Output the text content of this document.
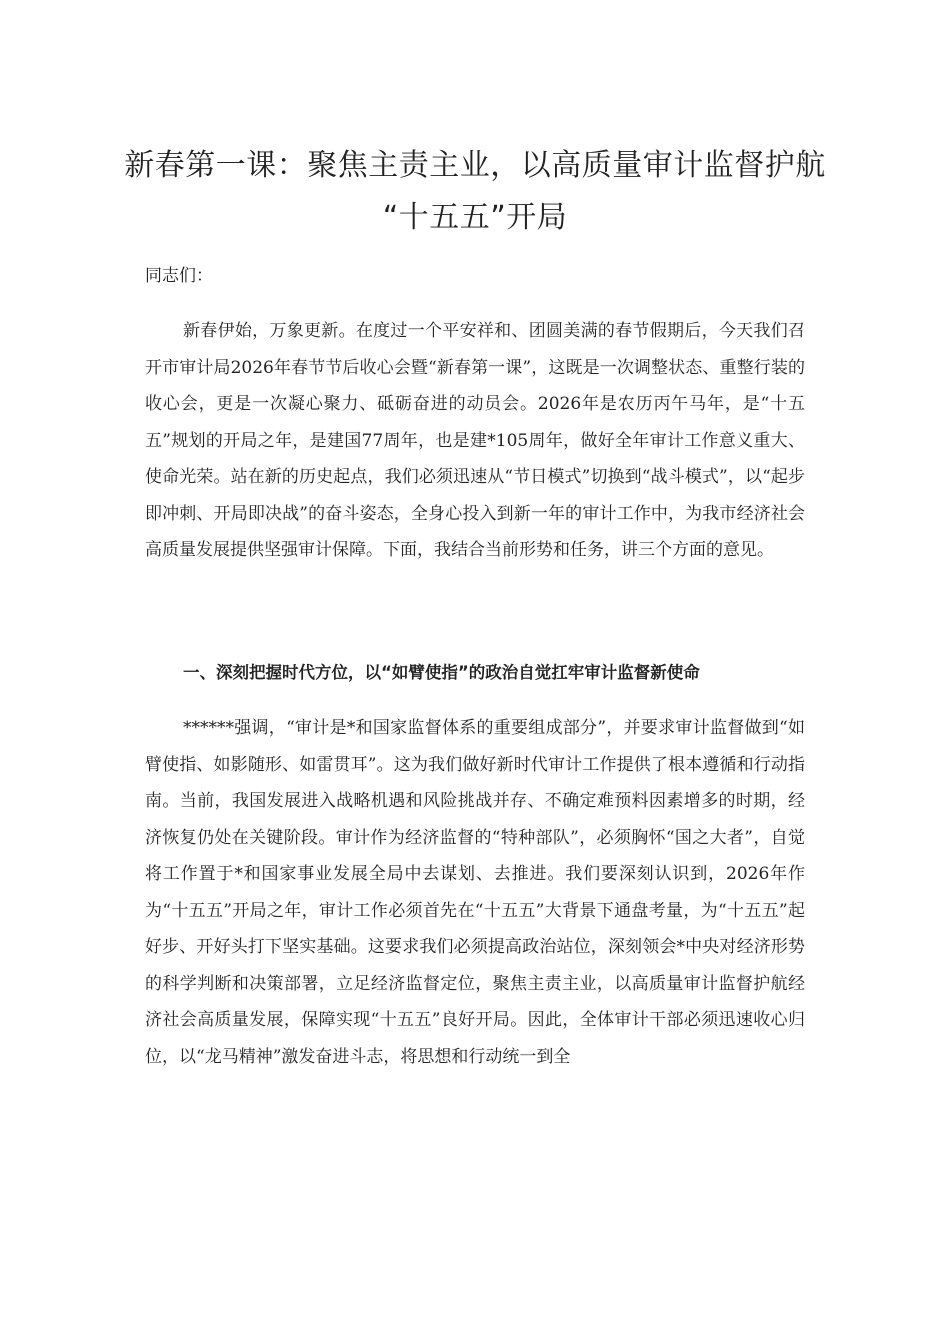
新春第一课：聚焦主责主业，以高质量审计监督护航
“十五五”开局

同志们：

新春伊始，万象更新。在度过一个平安祥和、团圆美满的春节假期后，今天我们召开市审计局2026年春节节后收心会暨“新春第一课”，这既是一次调整状态、重整行装的收心会，更是一次凝心聚力、砥砺奋进的动员会。2026年是农历丙午马年，是“十五五”规划的开局之年，是建国77周年，也是建*105周年，做好全年审计工作意义重大、使命光荣。站在新的历史起点，我们必须迅速从“节日模式”切换到“战斗模式”，以“起步即冲刺、开局即决战”的奋斗姿态，全身心投入到新一年的审计工作中，为我市经济社会高质量发展提供坚强审计保障。下面，我结合当前形势和任务，讲三个方面的意见。

一、深刻把握时代方位，以“如臂使指”的政治自觉扛牢审计监督新使命

******强调，“审计是*和国家监督体系的重要组成部分”，并要求审计监督做到“如臂使指、如影随形、如雷贯耳”。这为我们做好新时代审计工作提供了根本遵循和行动指南。当前，我国发展进入战略机遇和风险挑战并存、不确定难预料因素增多的时期，经济恢复仍处在关键阶段。审计作为经济监督的“特种部队”，必须胸怀“国之大者”，自觉将工作置于*和国家事业发展全局中去谋划、去推进。我们要深刻认识到，2026年作为“十五五”开局之年，审计工作必须首先在“十五五”大背景下通盘考量，为“十五五”起好步、开好头打下坚实基础。这要求我们必须提高政治站位，深刻领会*中央对经济形势的科学判断和决策部署，立足经济监督定位，聚焦主责主业，以高质量审计监督护航经济社会高质量发展，保障实现“十五五”良好开局。因此，全体审计干部必须迅速收心归位，以“龙马精神”激发奋进斗志，将思想和行动统一到全
